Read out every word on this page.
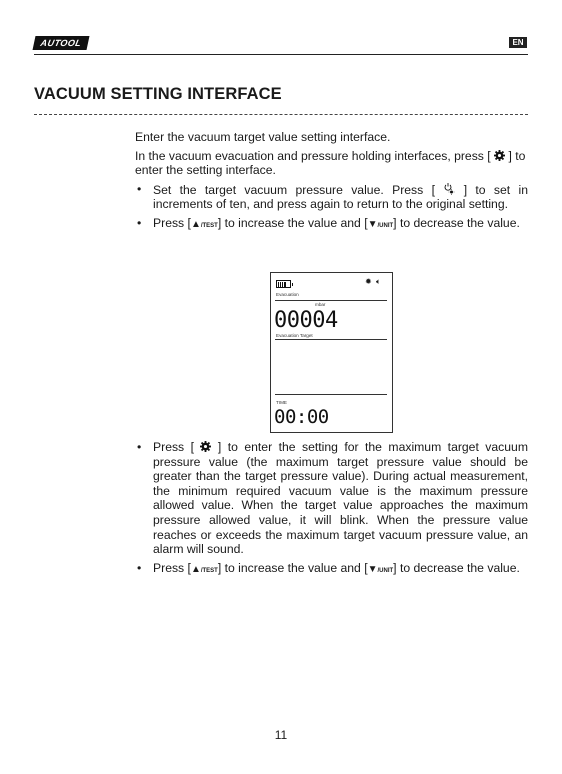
AUTOOL	EN
VACUUM SETTING INTERFACE

Enter the vacuum target value setting interface.

In the vacuum evacuation and pressure holding interfaces, press [ ] to enter the setting interface.

• Set the target vacuum pressure value. Press [ ] to set in increments of ten, and press again to return to the original setting.
• Press [▲/TEST] to increase the value and [▼/UNIT] to decrease the value.
✹ 🔈︎
Evacuation
mbar
00004
Evacuation Target
TIME
00:00
• Press [ ] to enter the setting for the maximum target vacuum pressure value (the maximum target pressure value should be greater than the target pressure value). During actual measurement, the minimum required vacuum value is the maximum pressure allowed value. When the target value approaches the maximum pressure allowed value, it will blink. When the pressure value reaches or exceeds the maximum target vacuum pressure value, an alarm will sound.
• Press [▲/TEST] to increase the value and [▼/UNIT] to decrease the value.
11
